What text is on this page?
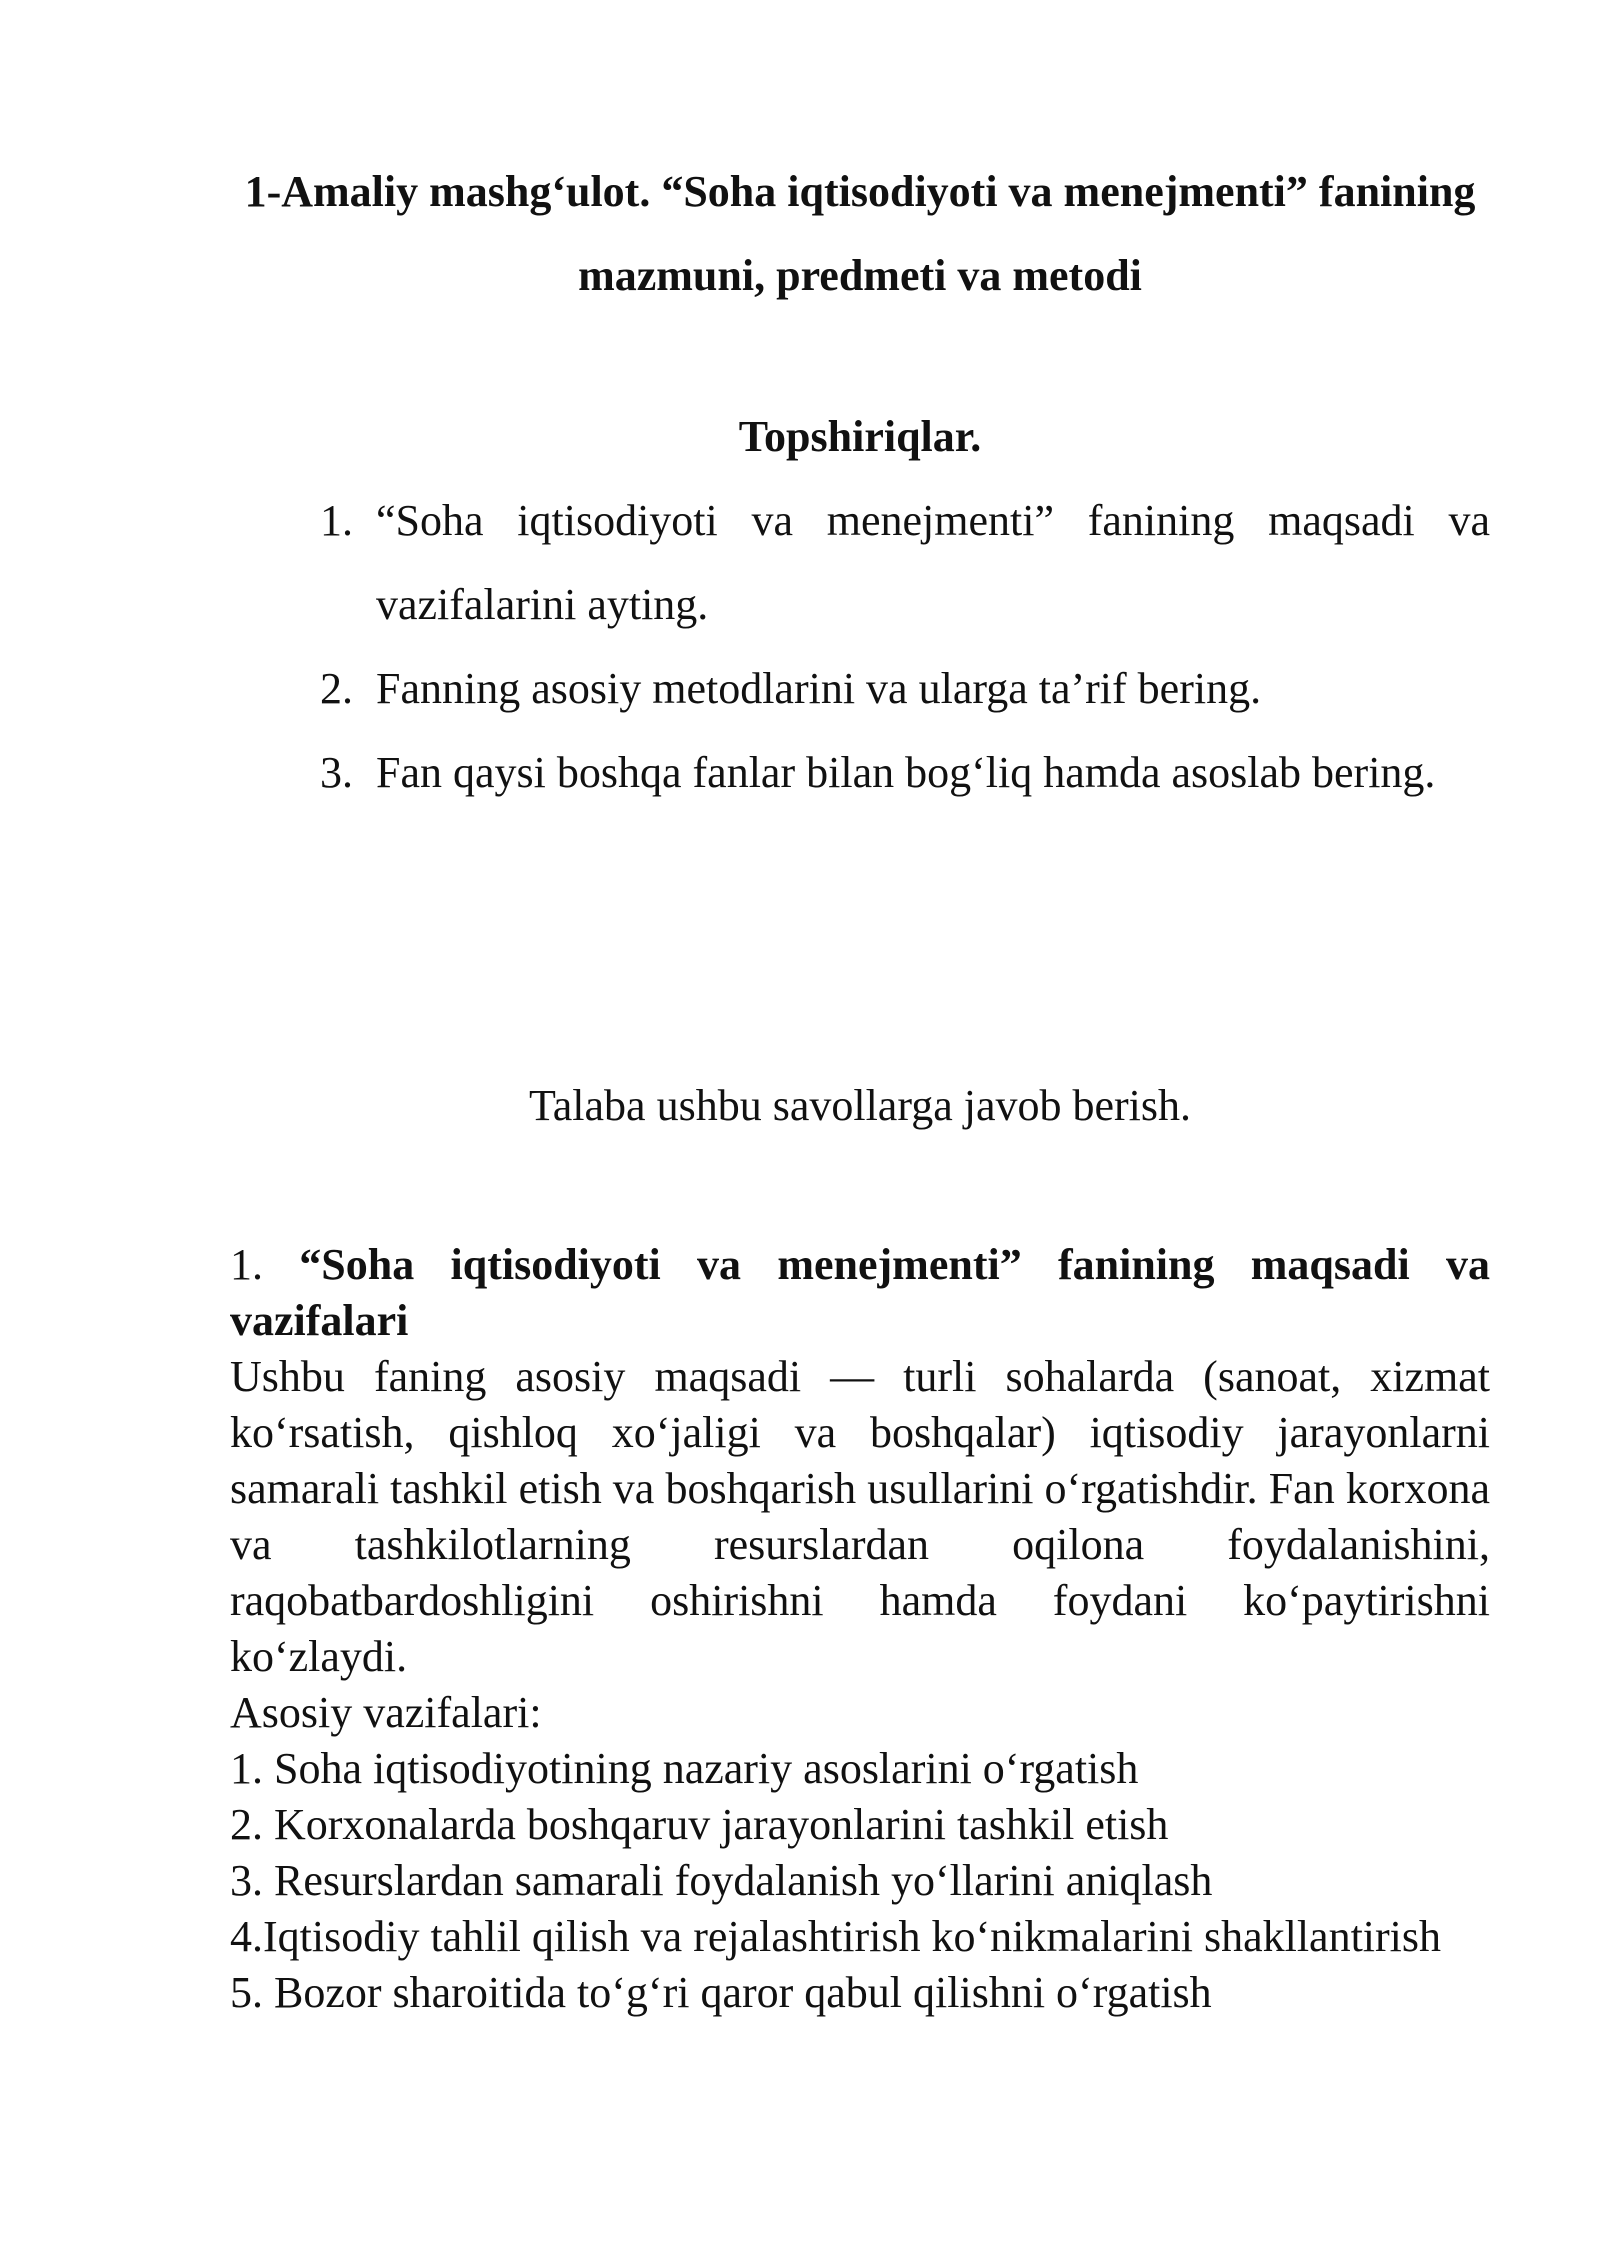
1-Amaliy mashg‘ulot. “Soha iqtisodiyoti va menejmenti” fanining mazmuni, predmeti va metodi
Topshiriqlar.
1. “Soha iqtisodiyoti va menejmenti” fanining maqsadi va vazifalarini ayting.
2. Fanning asosiy metodlarini va ularga ta’rif bering.
3. Fan qaysi boshqa fanlar bilan bog‘liq hamda asoslab bering.

Talaba ushbu savollarga javob berish.

1. “Soha iqtisodiyoti va menejmenti” fanining maqsadi va vazifalari

Ushbu faning asosiy maqsadi — turli sohalarda (sanoat, xizmat ko‘rsatish, qishloq xo‘jaligi va boshqalar) iqtisodiy jarayonlarni samarali tashkil etish va boshqarish usullarini o‘rgatishdir. Fan korxona va tashkilotlarning resurslardan oqilona foydalanishini, raqobatbardoshligini oshirishni hamda foydani ko‘paytirishni ko‘zlaydi.

Asosiy vazifalari:

1. Soha iqtisodiyotining nazariy asoslarini o‘rgatish

2. Korxonalarda boshqaruv jarayonlarini tashkil etish

3. Resurslardan samarali foydalanish yo‘llarini aniqlash

4.Iqtisodiy tahlil qilish va rejalashtirish ko‘nikmalarini shakllantirish

5. Bozor sharoitida to‘g‘ri qaror qabul qilishni o‘rgatish
